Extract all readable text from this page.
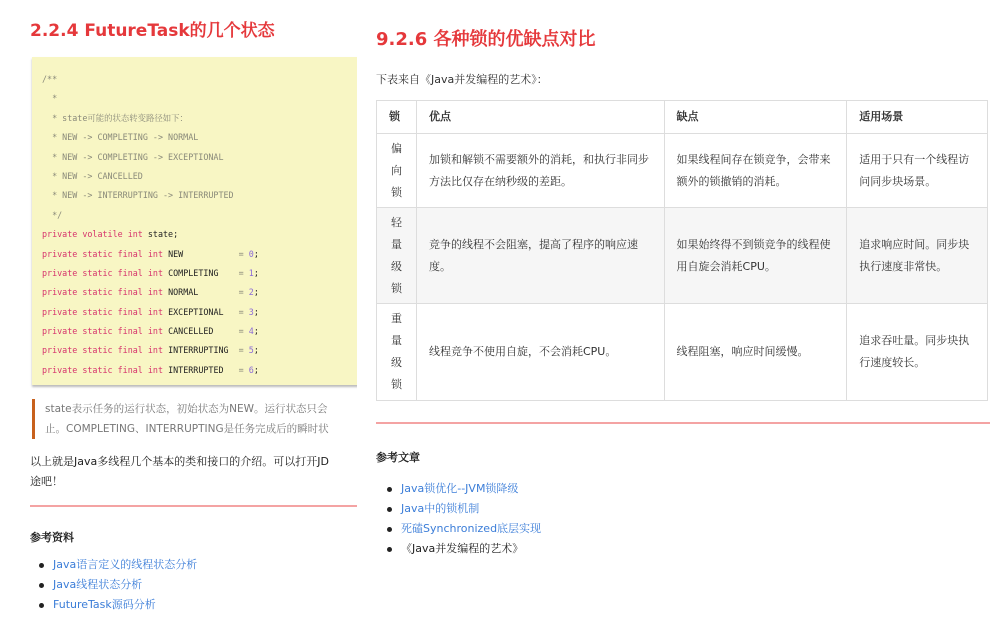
2.2.4 FutureTask的几个状态
/**
*
* state可能的状态转变路径如下：
* NEW -> COMPLETING -> NORMAL
* NEW -> COMPLETING -> EXCEPTIONAL
* NEW -> CANCELLED
* NEW -> INTERRUPTING -> INTERRUPTED
*/
private volatile int state;
private static final int NEW           = 0;
private static final int COMPLETING    = 1;
private static final int NORMAL        = 2;
private static final int EXCEPTIONAL   = 3;
private static final int CANCELLED     = 4;
private static final int INTERRUPTING  = 5;
private static final int INTERRUPTED   = 6;
state表示任务的运行状态，初始状态为NEW。运行状态只会
止。COMPLETING、INTERRUPTING是任务完成后的瞬时状
以上就是Java多线程几个基本的类和接口的介绍。可以打开JD
途吧！
参考资料
Java语言定义的线程状态分析
Java线程状态分析
FutureTask源码分析
9.2.6 各种锁的优缺点对比
下表来自《Java并发编程的艺术》：
锁	优点	缺点	适用场景
偏向锁	加锁和解锁不需要额外的消耗，和执行非同步方法比仅存在纳秒级的差距。	如果线程间存在锁竞争，会带来额外的锁撤销的消耗。	适用于只有一个线程访问同步块场景。
轻量级锁	竞争的线程不会阻塞，提高了程序的响应速度。	如果始终得不到锁竞争的线程使用自旋会消耗CPU。	追求响应时间。同步块执行速度非常快。
重量级锁	线程竞争不使用自旋，不会消耗CPU。	线程阻塞，响应时间缓慢。	追求吞吐量。同步块执行速度较长。
参考文章
Java锁优化--JVM锁降级
Java中的锁机制
死磕Synchronized底层实现
《Java并发编程的艺术》
